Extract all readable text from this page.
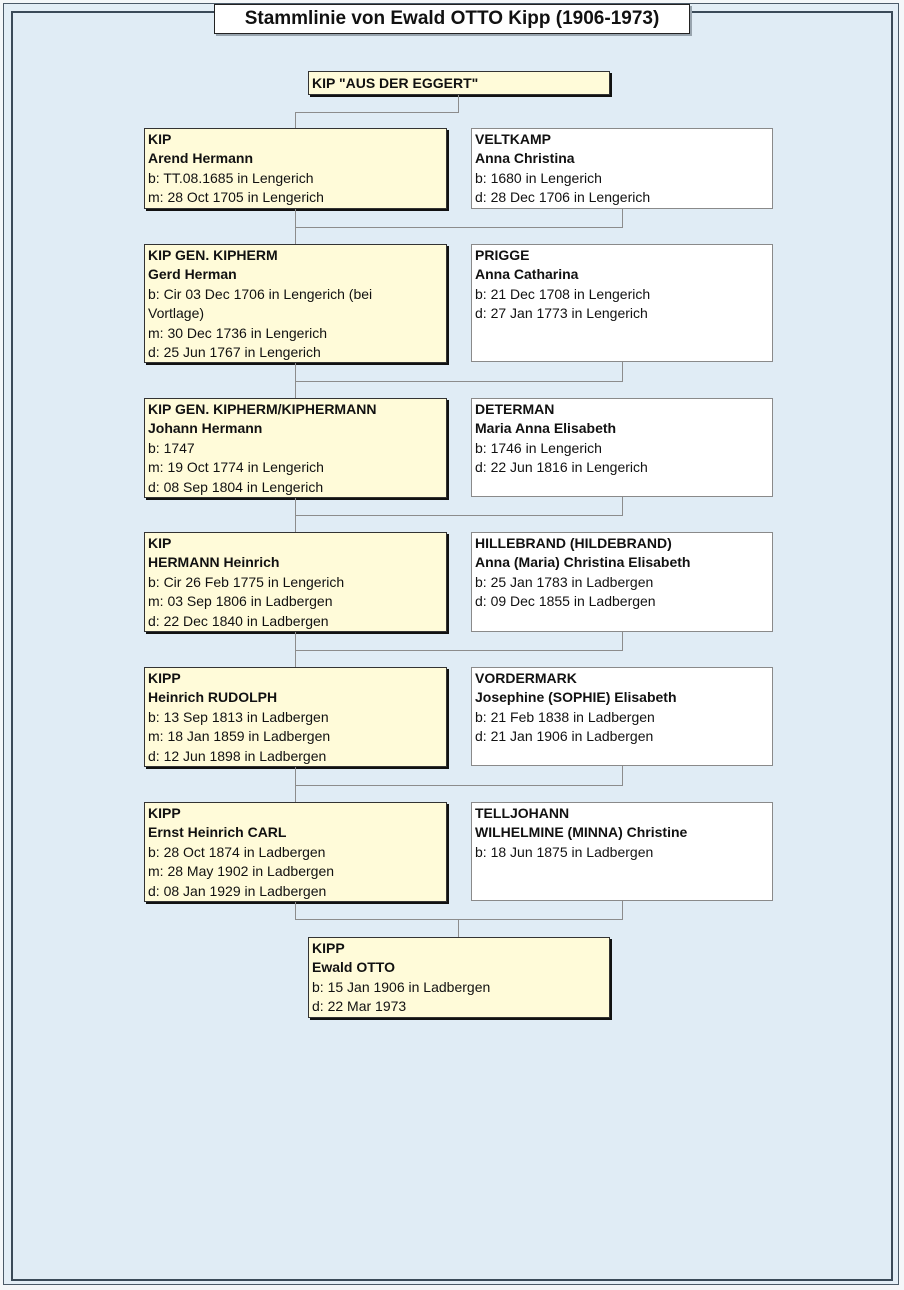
Stammlinie von Ewald OTTO Kipp (1906-1973)
KIP "AUS DER EGGERT"
KIP
Arend Hermann
b: TT.08.1685 in Lengerich
m: 28 Oct 1705 in Lengerich
VELTKAMP
Anna Christina
b: 1680 in Lengerich
d: 28 Dec 1706 in Lengerich
KIP GEN. KIPHERM
Gerd Herman
b: Cir 03 Dec 1706 in Lengerich (bei
Vortlage)
m: 30 Dec 1736 in Lengerich
d: 25 Jun 1767 in Lengerich
PRIGGE
Anna Catharina
b: 21 Dec 1708 in Lengerich
d: 27 Jan 1773 in Lengerich
KIP GEN. KIPHERM/KIPHERMANN
Johann Hermann
b: 1747
m: 19 Oct 1774 in Lengerich
d: 08 Sep 1804 in Lengerich
DETERMAN
Maria Anna Elisabeth
b: 1746 in Lengerich
d: 22 Jun 1816 in Lengerich
KIP
HERMANN Heinrich
b: Cir 26 Feb 1775 in Lengerich
m: 03 Sep 1806 in Ladbergen
d: 22 Dec 1840 in Ladbergen
HILLEBRAND (HILDEBRAND)
Anna (Maria) Christina Elisabeth
b: 25 Jan 1783 in Ladbergen
d: 09 Dec 1855 in Ladbergen
KIPP
Heinrich RUDOLPH
b: 13 Sep 1813 in Ladbergen
m: 18 Jan 1859 in Ladbergen
d: 12 Jun 1898 in Ladbergen
VORDERMARK
Josephine (SOPHIE) Elisabeth
b: 21 Feb 1838 in Ladbergen
d: 21 Jan 1906 in Ladbergen
KIPP
Ernst Heinrich CARL
b: 28 Oct 1874 in Ladbergen
m: 28 May 1902 in Ladbergen
d: 08 Jan 1929 in Ladbergen
TELLJOHANN
WILHELMINE (MINNA) Christine
b: 18 Jun 1875 in Ladbergen
KIPP
Ewald OTTO
b: 15 Jan 1906 in Ladbergen
d: 22 Mar 1973
